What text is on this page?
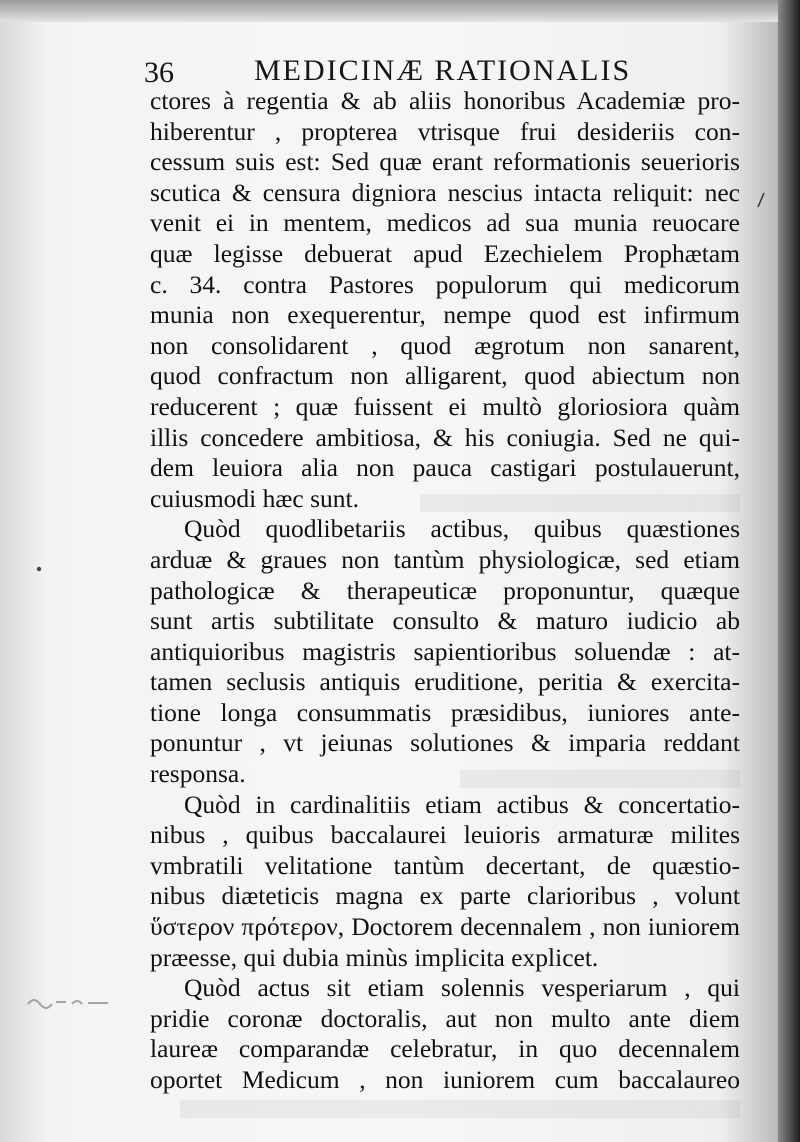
36	MEDICINÆ RATIONALIS
ctores à regentia & ab aliis honoribus Academiæ pro-
hiberentur , propterea vtrisque frui desideriis con-
cessum suis est: Sed quæ erant reformationis seuerioris
scutica & censura digniora nescius intacta reliquit: nec
venit ei in mentem, medicos ad sua munia reuocare
quæ legisse debuerat apud Ezechielem Prophætam
c. 34. contra Pastores populorum qui medicorum
munia non exequerentur, nempe quod est infirmum
non consolidarent , quod ægrotum non sanarent,
quod confractum non alligarent, quod abiectum non
reducerent ; quæ fuissent ei multò gloriosiora quàm
illis concedere ambitiosa, & his coniugia. Sed ne qui-
dem leuiora alia non pauca castigari postulauerunt,
cuiusmodi hæc sunt.
Quòd quodlibetariis actibus, quibus quæstiones
arduæ & graues non tantùm physiologicæ, sed etiam
pathologicæ & therapeuticæ proponuntur, quæque
sunt artis subtilitate consulto & maturo iudicio ab
antiquioribus magistris sapientioribus soluendæ : at-
tamen seclusis antiquis eruditione, peritia & exercita-
tione longa consummatis præsidibus, iuniores ante-
ponuntur , vt jeiunas solutiones & imparia reddant
responsa.
Quòd in cardinalitiis etiam actibus & concertatio-
nibus , quibus baccalaurei leuioris armaturæ milites
vmbratili velitatione tantùm decertant, de quæstio-
nibus diæteticis magna ex parte clarioribus , volunt
ὕστερον πρότερον, Doctorem decennalem , non iuniorem
præesse, qui dubia minùs implicita explicet.
Quòd actus sit etiam solennis vesperiarum , qui
pridie coronæ doctoralis, aut non multo ante diem
laureæ comparandæ celebratur, in quo decennalem
oportet Medicum , non iuniorem cum baccalaureo
